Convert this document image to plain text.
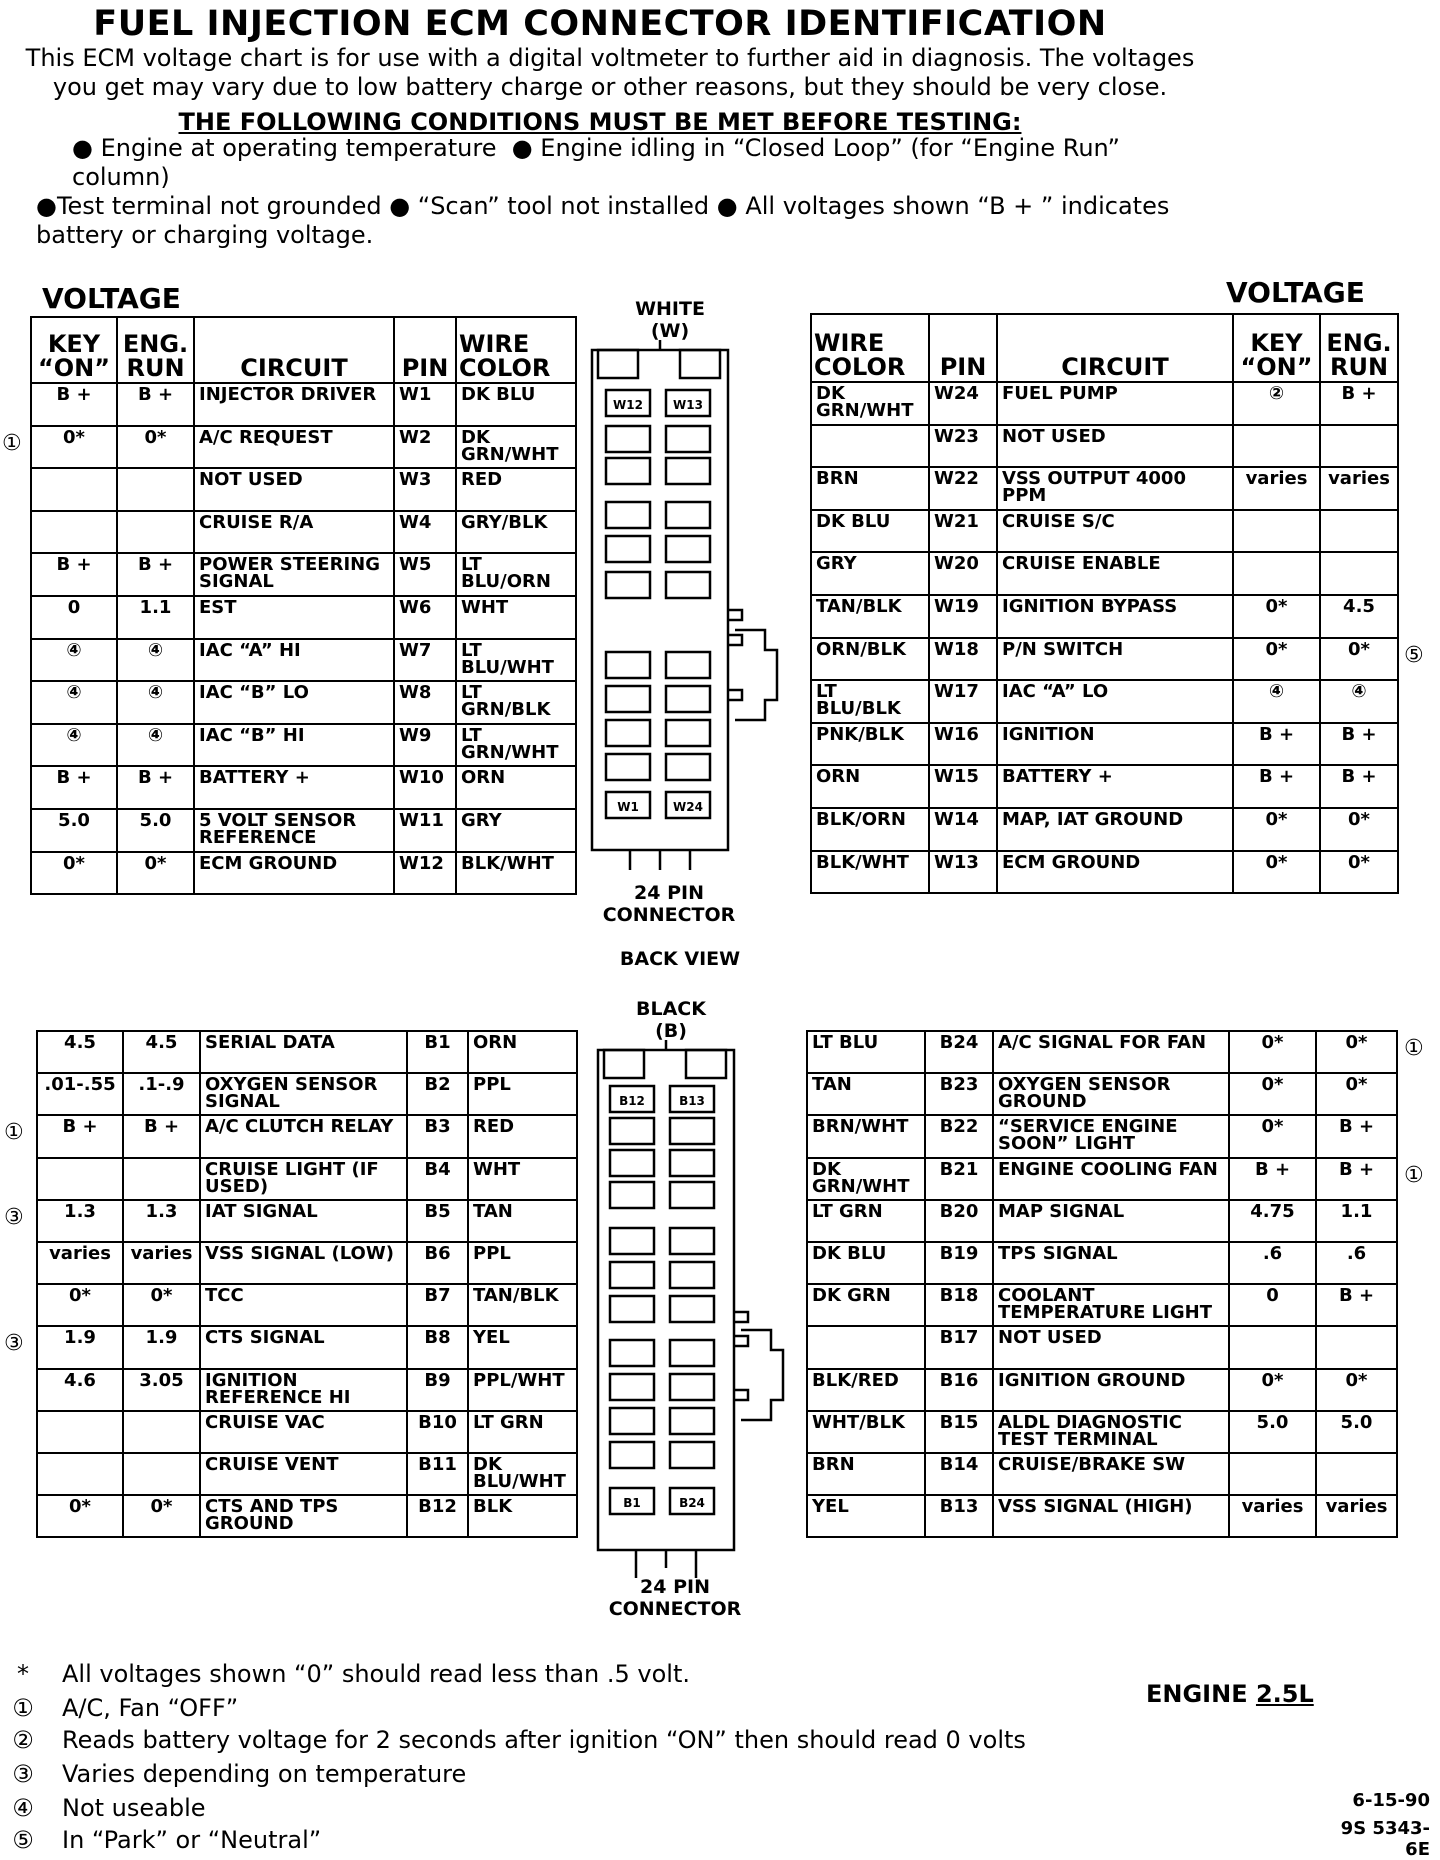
FUEL INJECTION ECM CONNECTOR IDENTIFICATION
This ECM voltage chart is for use with a digital voltmeter to further aid in diagnosis. The voltages you get may vary due to low battery charge or other reasons, but they should be very close.
THE FOLLOWING CONDITIONS MUST BE MET BEFORE TESTING:
● Engine at operating temperature  ● Engine idling in “Closed Loop” (for “Engine Run” column)
●Test terminal not grounded ● “Scan” tool not installed ● All voltages shown “B + ” indicates battery or charging voltage.
VOLTAGE	VOLTAGE
KEY “ON”	ENG. RUN	CIRCUIT	PIN	WIRE COLOR
B +	B +	INJECTOR DRIVER	W1	DK BLU
0*	0*	A/C REQUEST	W2	DK GRN/WHT
		NOT USED	W3	RED
		CRUISE R/A	W4	GRY/BLK
B +	B +	POWER STEERING SIGNAL	W5	LT BLU/ORN
0	1.1	EST	W6	WHT
④	④	IAC “A” HI	W7	LT BLU/WHT
④	④	IAC “B” LO	W8	LT GRN/BLK
④	④	IAC “B” HI	W9	LT GRN/WHT
B +	B +	BATTERY +	W10	ORN
5.0	5.0	5 VOLT SENSOR REFERENCE	W11	GRY
0*	0*	ECM GROUND	W12	BLK/WHT
WIRE COLOR	PIN	CIRCUIT	KEY “ON”	ENG. RUN
DK GRN/WHT	W24	FUEL PUMP	②	B +
	W23	NOT USED		
BRN	W22	VSS OUTPUT 4000 PPM	varies	varies
DK BLU	W21	CRUISE S/C		
GRY	W20	CRUISE ENABLE		
TAN/BLK	W19	IGNITION BYPASS	0*	4.5
ORN/BLK	W18	P/N SWITCH	0*	0*
LT BLU/BLK	W17	IAC “A” LO	④	④
PNK/BLK	W16	IGNITION	B +	B +
ORN	W15	BATTERY +	B +	B +
BLK/ORN	W14	MAP, IAT GROUND	0*	0*
BLK/WHT	W13	ECM GROUND	0*	0*
4.5	4.5	SERIAL DATA	B1	ORN
.01-.55	.1-.9	OXYGEN SENSOR SIGNAL	B2	PPL
B +	B +	A/C CLUTCH RELAY	B3	RED
		CRUISE LIGHT (IF USED)	B4	WHT
1.3	1.3	IAT SIGNAL	B5	TAN
varies	varies	VSS SIGNAL (LOW)	B6	PPL
0*	0*	TCC	B7	TAN/BLK
1.9	1.9	CTS SIGNAL	B8	YEL
4.6	3.05	IGNITION REFERENCE HI	B9	PPL/WHT
		CRUISE VAC	B10	LT GRN
		CRUISE VENT	B11	DK BLU/WHT
0*	0*	CTS AND TPS GROUND	B12	BLK
LT BLU	B24	A/C SIGNAL FOR FAN	0*	0*
TAN	B23	OXYGEN SENSOR GROUND	0*	0*
BRN/WHT	B22	“SERVICE ENGINE SOON” LIGHT	0*	B +
DK GRN/WHT	B21	ENGINE COOLING FAN	B +	B +
LT GRN	B20	MAP SIGNAL	4.75	1.1
DK BLU	B19	TPS SIGNAL	.6	.6
DK GRN	B18	COOLANT TEMPERATURE LIGHT	0	B +
	B17	NOT USED		
BLK/RED	B16	IGNITION GROUND	0*	0*
WHT/BLK	B15	ALDL DIAGNOSTIC TEST TERMINAL	5.0	5.0
BRN	B14	CRUISE/BRAKE SW		
YEL	B13	VSS SIGNAL (HIGH)	varies	varies
WHITE (W)
W12	W13
W1	W24
24 PIN CONNECTOR
BACK VIEW
BLACK (B)
B12	B13
B1	B24
24 PIN CONNECTOR
*	All voltages shown “0” should read less than .5 volt.
① A/C, Fan “OFF”
② Reads battery voltage for 2 seconds after ignition “ON” then should read 0 volts
③ Varies depending on temperature
④ Not useable
⑤ In “Park” or “Neutral”
ENGINE 2.5L
6-15-90
9S 5343-6E
①
⑤
①
③
③
①
①
